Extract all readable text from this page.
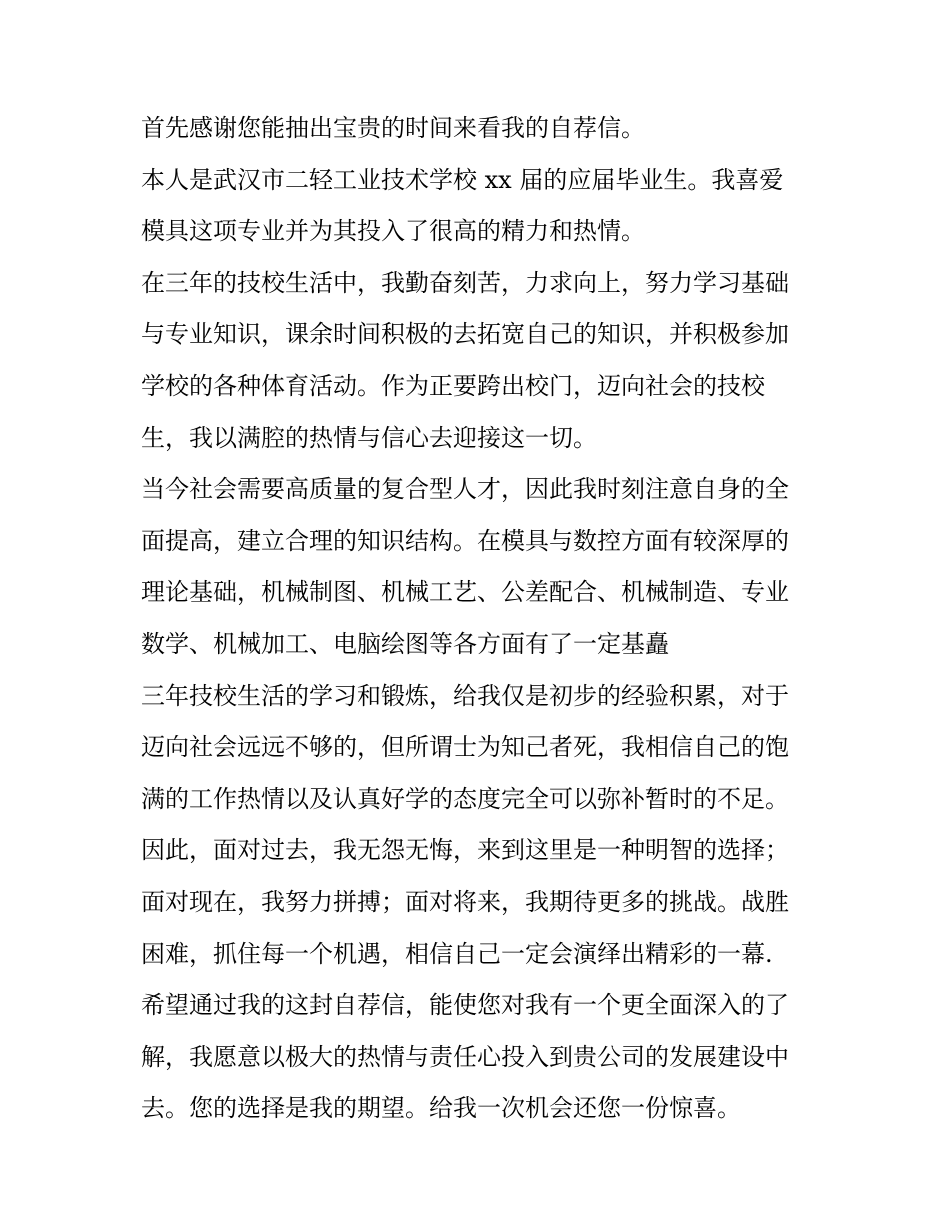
首先感谢您能抽出宝贵的时间来看我的自荐信。

本人是武汉市二轻工业技术学校 xx 届的应届毕业生。我喜爱
模具这项专业并为其投入了很高的精力和热情。

在三年的技校生活中，我勤奋刻苦，力求向上，努力学习基础
与专业知识，课余时间积极的去拓宽自己的知识，并积极参加
学校的各种体育活动。作为正要跨出校门，迈向社会的技校
生，我以满腔的热情与信心去迎接这一切。

当今社会需要高质量的复合型人才，因此我时刻注意自身的全
面提高，建立合理的知识结构。在模具与数控方面有较深厚的
理论基础，机械制图、机械工艺、公差配合、机械制造、专业
数学、机械加工、电脑绘图等各方面有了一定基矗

三年技校生活的学习和锻炼，给我仅是初步的经验积累，对于
迈向社会远远不够的，但所谓士为知己者死，我相信自己的饱
满的工作热情以及认真好学的态度完全可以弥补暂时的不足。

因此，面对过去，我无怨无悔，来到这里是一种明智的选择；
面对现在，我努力拼搏；面对将来，我期待更多的挑战。战胜
困难，抓住每一个机遇，相信自己一定会演绎出精彩的一幕.

希望通过我的这封自荐信，能使您对我有一个更全面深入的了
解，我愿意以极大的热情与责任心投入到贵公司的发展建设中
去。您的选择是我的期望。给我一次机会还您一份惊喜。
